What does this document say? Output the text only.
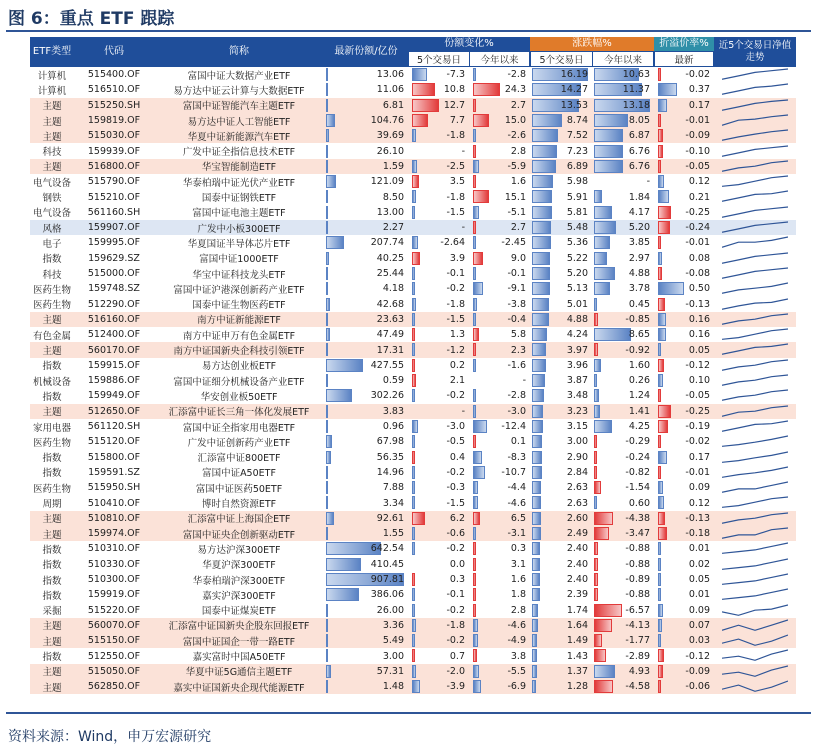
图 6：重点 ETF 跟踪
ETF类型	代码	简称	最新份额/亿份
份额变化%	涨跌幅%	折溢价率%	近5个交易日净值走势
5个交易日	今年以来	5个交易日	今年以来	最新
计算机	515400.OF	富国中证大数据产业ETF	13.06	-7.3	-2.8	16.19	10.63	-0.02
计算机	516510.OF	易方达中证云计算与大数据ETF	11.06	10.8	24.3	14.27	11.37	0.37
主题	515250.SH	富国中证智能汽车主题ETF	6.81	12.7	2.7	13.53	13.18	0.17
主题	159819.OF	易方达中证人工智能ETF	104.76	7.7	15.0	8.74	8.05	-0.01
主题	515030.OF	华夏中证新能源汽车ETF	39.69	-1.8	-2.6	7.52	6.87	-0.09
科技	159939.OF	广发中证全指信息技术ETF	26.10	-	2.8	7.23	6.76	-0.10
主题	516800.OF	华宝智能制造ETF	1.59	-2.5	-5.9	6.89	6.76	-0.05
电气设备	515790.OF	华泰柏瑞中证光伏产业ETF	121.09	3.5	1.6	5.98	-	0.12
钢铁	515210.OF	国泰中证钢铁ETF	8.50	-1.8	15.1	5.91	1.84	0.21
电气设备	561160.SH	富国中证电池主题ETF	13.00	-1.5	-5.1	5.81	4.17	-0.25
风格	159907.OF	广发中小板300ETF	2.27	-	2.7	5.48	5.20	-0.24
电子	159995.OF	华夏国证半导体芯片ETF	207.74	-2.64	-2.45	5.36	3.85	-0.01
指数	159629.SZ	富国中证1000ETF	40.25	3.9	9.0	5.22	2.97	0.08
科技	515000.OF	华宝中证科技龙头ETF	25.44	-0.1	-0.1	5.20	4.88	-0.08
医药生物	159748.SZ	富国中证沪港深创新药产业ETF	4.18	-0.2	-9.1	5.13	3.78	0.50
医药生物	512290.OF	国泰中证生物医药ETF	42.68	-1.8	-3.8	5.01	0.45	-0.13
主题	516160.OF	南方中证新能源ETF	23.63	-1.5	-0.4	4.88	-0.85	0.16
有色金属	512400.OF	南方中证申万有色金属ETF	47.49	1.3	5.8	4.24	8.65	0.16
主题	560170.OF	南方中证国新央企科技引领ETF	17.31	-1.2	2.3	3.97	-0.92	0.05
指数	159915.OF	易方达创业板ETF	427.55	0.2	-1.6	3.96	1.60	-0.12
机械设备	159886.OF	富国中证细分机械设备产业ETF	0.59	2.1	-	3.87	0.26	0.10
指数	159949.OF	华安创业板50ETF	302.26	-0.2	-2.8	3.48	1.24	-0.05
主题	512650.OF	汇添富中证长三角一体化发展ETF	3.83	-	-3.0	3.23	1.41	-0.25
家用电器	561120.SH	富国中证全指家用电器ETF	0.96	-3.0	-12.4	3.15	4.25	-0.19
医药生物	515120.OF	广发中证创新药产业ETF	67.98	-0.5	0.1	3.00	-0.29	-0.02
指数	515800.OF	汇添富中证800ETF	56.35	0.4	-8.3	2.90	-0.24	0.17
指数	159591.SZ	富国中证A50ETF	14.96	-0.2	-10.7	2.84	-0.82	-0.01
医药生物	515950.SH	富国中证医药50ETF	7.88	-0.3	-4.4	2.63	-1.54	0.09
周期	510410.OF	博时自然资源ETF	3.34	-1.5	-4.6	2.63	0.60	0.12
主题	510810.OF	汇添富中证上海国企ETF	92.61	6.2	6.5	2.60	-4.38	-0.13
主题	159974.OF	富国中证央企创新驱动ETF	1.55	-0.6	-3.1	2.49	-3.47	-0.18
指数	510310.OF	易方达沪深300ETF	642.54	-0.2	0.3	2.40	-0.88	0.01
指数	510330.OF	华夏沪深300ETF	410.45	0.0	3.1	2.40	-0.88	0.02
指数	510300.OF	华泰柏瑞沪深300ETF	907.81	0.3	1.6	2.40	-0.89	0.05
指数	159919.OF	嘉实沪深300ETF	386.06	-0.1	1.8	2.39	-0.88	0.01
采掘	515220.OF	国泰中证煤炭ETF	26.00	-0.2	2.8	1.74	-6.57	0.09
主题	560070.OF	汇添富中证国新央企股东回报ETF	3.36	-1.8	-4.6	1.64	-4.13	0.07
主题	515150.OF	富国中证国企一带一路ETF	5.49	-0.2	-4.9	1.49	-1.77	0.03
指数	512550.OF	嘉实富时中国A50ETF	3.00	0.7	3.8	1.43	-2.89	-0.12
主题	515050.OF	华夏中证5G通信主题ETF	57.31	-2.0	-5.5	1.37	4.93	-0.09
主题	562850.OF	嘉实中证国新央企现代能源ETF	1.48	-3.9	-6.9	1.28	-4.58	-0.06
资料来源：Wind，申万宏源研究
